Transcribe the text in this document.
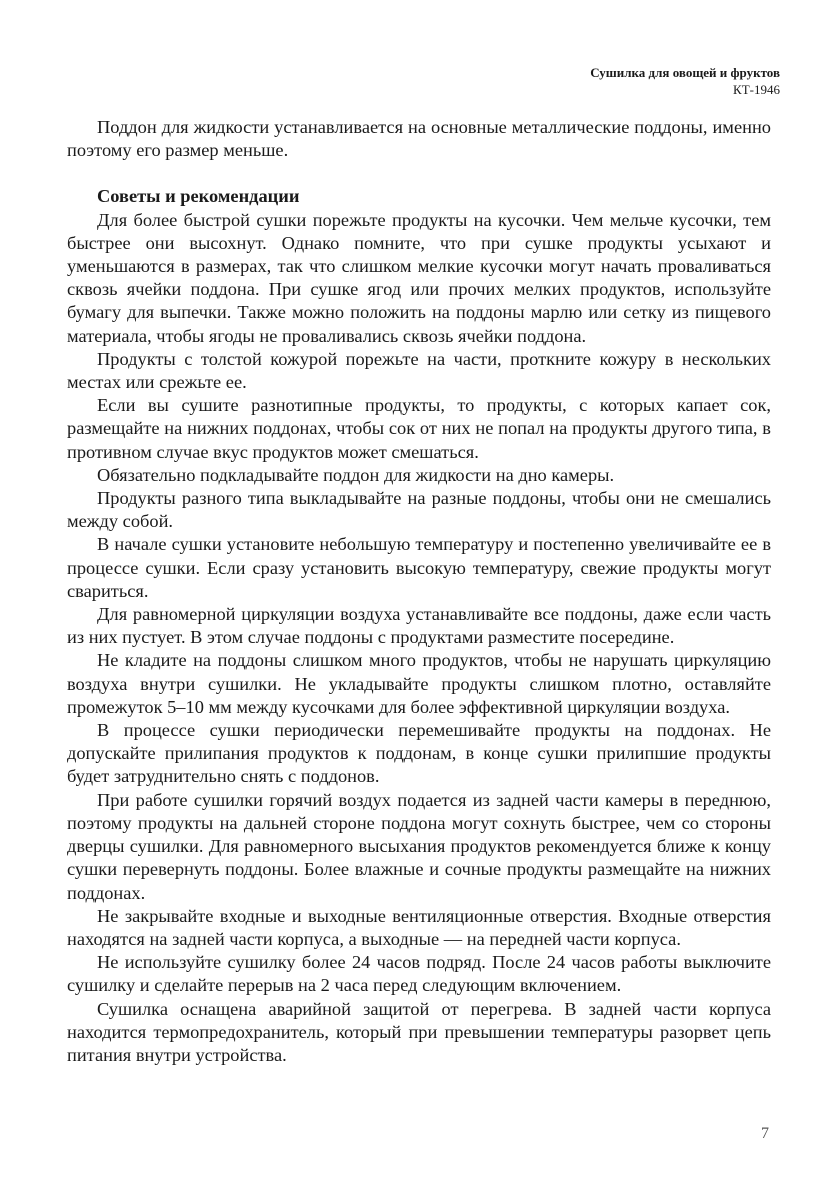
Сушилка для овощей и фруктов
КТ-1946

Поддон для жидкости устанавливается на основные металлические поддоны, именно поэтому его размер меньше.

Советы и рекомендации

Для более быстрой сушки порежьте продукты на кусочки. Чем мельче кусочки, тем быстрее они высохнут. Однако помните, что при сушке продукты усыхают и уменьшаются в размерах, так что слишком мелкие кусочки могут начать проваливаться сквозь ячейки поддона. При сушке ягод или прочих мелких продуктов, используйте бумагу для выпечки. Также можно положить на поддоны марлю или сетку из пищевого материала, чтобы ягоды не проваливались сквозь ячейки поддона.

Продукты с толстой кожурой порежьте на части, проткните кожуру в нескольких местах или срежьте ее.

Если вы сушите разнотипные продукты, то продукты, с которых капает сок, размещайте на нижних поддонах, чтобы сок от них не попал на продукты другого типа, в противном случае вкус продуктов может смешаться.

Обязательно подкладывайте поддон для жидкости на дно камеры.

Продукты разного типа выкладывайте на разные поддоны, чтобы они не смешались между собой.

В начале сушки установите небольшую температуру и постепенно увеличивайте ее в процессе сушки. Если сразу установить высокую температуру, свежие продукты могут свариться.

Для равномерной циркуляции воздуха устанавливайте все поддоны, даже если часть из них пустует. В этом случае поддоны с продуктами разместите посередине.

Не кладите на поддоны слишком много продуктов, чтобы не нарушать циркуляцию воздуха внутри сушилки. Не укладывайте продукты слишком плотно, оставляйте промежуток 5–10 мм между кусочками для более эффективной циркуляции воздуха.

В процессе сушки периодически перемешивайте продукты на поддонах. Не допускайте прилипания продуктов к поддонам, в конце сушки прилипшие продукты будет затруднительно снять с поддонов.

При работе сушилки горячий воздух подается из задней части камеры в переднюю, поэтому продукты на дальней стороне поддона могут сохнуть быстрее, чем со стороны дверцы сушилки. Для равномерного высыхания продуктов рекомендуется ближе к концу сушки перевернуть поддоны. Более влажные и сочные продукты размещайте на нижних поддонах.

Не закрывайте входные и выходные вентиляционные отверстия. Входные отверстия находятся на задней части корпуса, а выходные — на передней части корпуса.

Не используйте сушилку более 24 часов подряд. После 24 часов работы выключите сушилку и сделайте перерыв на 2 часа перед следующим включением.

Сушилка оснащена аварийной защитой от перегрева. В задней части корпуса находится термопредохранитель, который при превышении температуры разорвет цепь питания внутри устройства.

7
